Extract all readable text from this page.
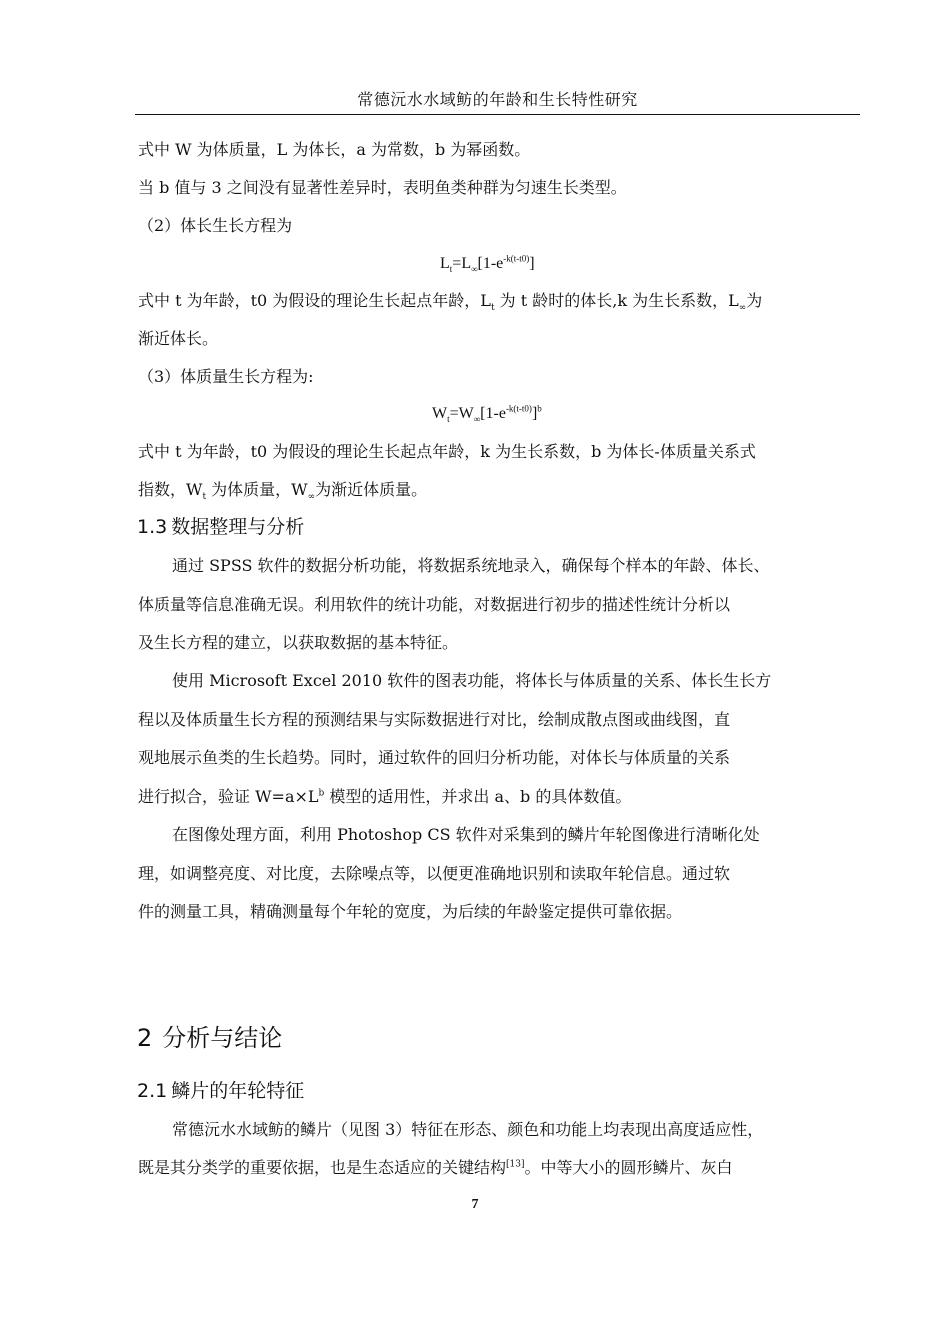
常德沅水水域鲂的年龄和生长特性研究
式中 W 为体质量，L 为体长，a 为常数，b 为幂函数。
当 b 值与 3 之间没有显著性差异时，表明鱼类种群为匀速生长类型。
（2）体长生长方程为
$L_t=L_\infty[1-e^{-k(t-t0)}]$
式中 t 为年龄，t0 为假设的理论生长起点年龄，$L_t$ 为 t 龄时的体长,k 为生长系数，$L_\infty$为
渐近体长。
（3）体质量生长方程为:
$W_t=W_\infty[1-e^{-k(t-t0)}]^b$
式中 t 为年龄，t0 为假设的理论生长起点年龄，k 为生长系数，b 为体长-体质量关系式
指数，$W_t$ 为体质量，$W_\infty$为渐近体质量。
1.3 数据整理与分析
通过 SPSS 软件的数据分析功能，将数据系统地录入，确保每个样本的年龄、体长、
体质量等信息准确无误。利用软件的统计功能，对数据进行初步的描述性统计分析以
及生长方程的建立，以获取数据的基本特征。
使用 Microsoft Excel 2010 软件的图表功能，将体长与体质量的关系、体长生长方
程以及体质量生长方程的预测结果与实际数据进行对比，绘制成散点图或曲线图，直
观地展示鱼类的生长趋势。同时，通过软件的回归分析功能，对体长与体质量的关系
进行拟合，验证 $W=a\times L^b$ 模型的适用性，并求出 a、b 的具体数值。
在图像处理方面，利用 Photoshop CS 软件对采集到的鳞片年轮图像进行清晰化处
理，如调整亮度、对比度，去除噪点等，以便更准确地识别和读取年轮信息。通过软
件的测量工具，精确测量每个年轮的宽度，为后续的年龄鉴定提供可靠依据。
2 分析与结论
2.1 鳞片的年轮特征
常德沅水水域鲂的鳞片（见图 3）特征在形态、颜色和功能上均表现出高度适应性，
既是其分类学的重要依据，也是生态适应的关键结构[13]。中等大小的圆形鳞片、灰白
7
